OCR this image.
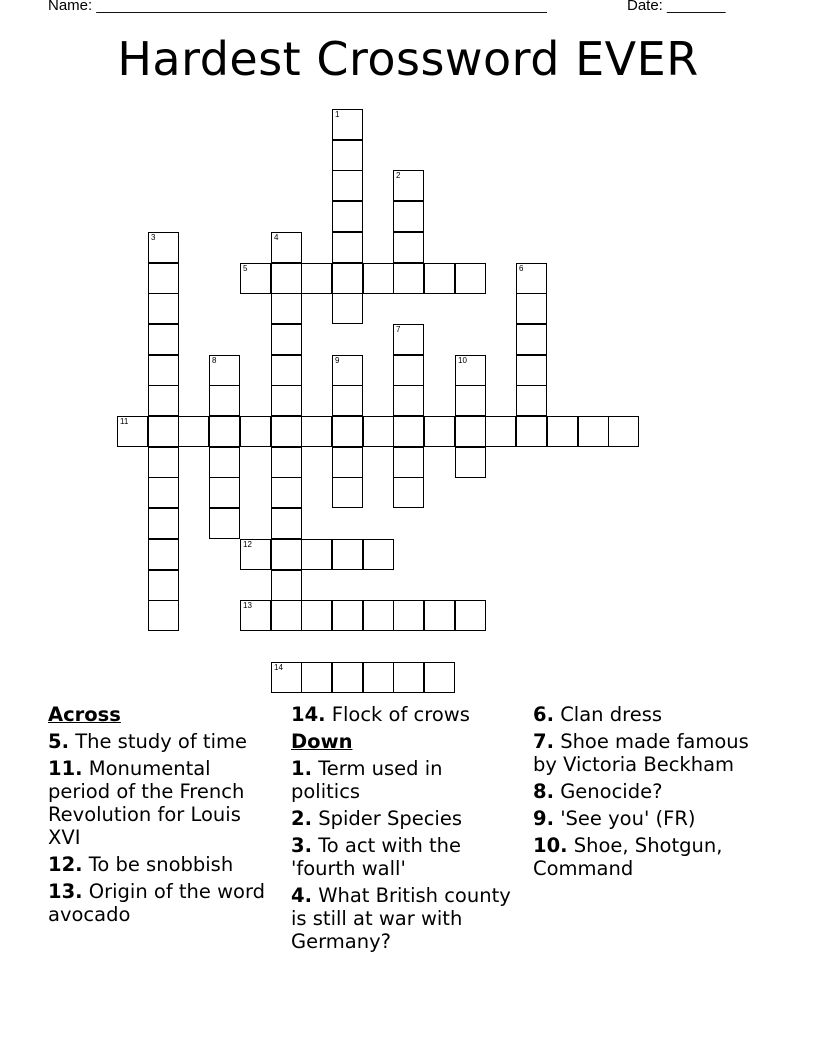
Name: ______________________________________________________	Date: _______
Hardest Crossword EVER
1
2
3	4
5	6
7
8	9	10
11
12
13
14
Across
5. The study of time
11. Monumental period of the French Revolution for Louis XVI
12. To be snobbish
13. Origin of the word avocado
14. Flock of crows
Down
1. Term used in politics
2. Spider Species
3. To act with the 'fourth wall'
4. What British county is still at war with Germany?
6. Clan dress
7. Shoe made famous by Victoria Beckham
8. Genocide?
9. 'See you' (FR)
10. Shoe, Shotgun, Command
